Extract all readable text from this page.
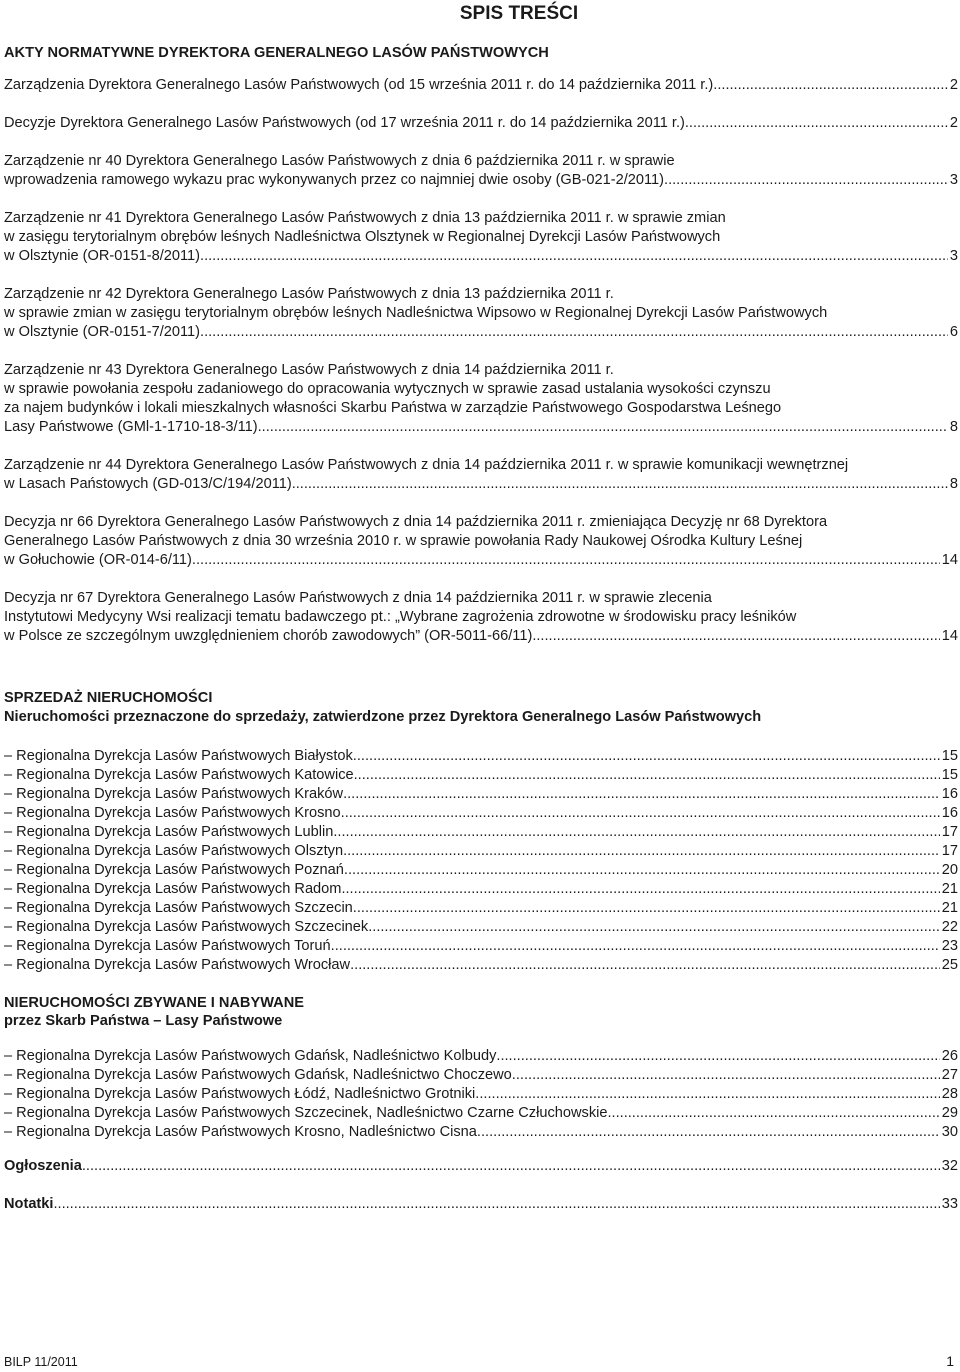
SPIS TREŚCI

AKTY NORMATYWNE DYREKTORA GENERALNEGO LASÓW PAŃSTWOWYCH

Zarządzenia Dyrektora Generalnego Lasów Państwowych (od 15 września 2011 r. do 14 października 2011 r.) .....	2
Decyzje Dyrektora Generalnego Lasów Państwowych (od 17 września 2011 r. do 14 października 2011 r.) .....	2
Zarządzenie nr 40 Dyrektora Generalnego Lasów Państwowych z dnia 6 października 2011 r. w sprawie
wprowadzenia ramowego wykazu prac wykonywanych przez co najmniej dwie osoby (GB-021-2/2011) .....	3
Zarządzenie nr 41 Dyrektora Generalnego Lasów Państwowych z dnia 13 października 2011 r. w sprawie zmian
w zasięgu terytorialnym obrębów leśnych Nadleśnictwa Olsztynek w Regionalnej Dyrekcji Lasów Państwowych
w Olsztynie (OR-0151-8/2011) .....	3
Zarządzenie nr 42 Dyrektora Generalnego Lasów Państwowych z dnia 13 października 2011 r.
w sprawie zmian w zasięgu terytorialnym obrębów leśnych Nadleśnictwa Wipsowo w Regionalnej Dyrekcji Lasów Państwowych
w Olsztynie (OR-0151-7/2011) .....	6
Zarządzenie nr 43 Dyrektora Generalnego Lasów Państwowych z dnia 14 października 2011 r.
w sprawie powołania zespołu zadaniowego do opracowania wytycznych w sprawie zasad ustalania wysokości czynszu
za najem budynków i lokali mieszkalnych własności Skarbu Państwa w zarządzie Państwowego Gospodarstwa Leśnego
Lasy Państwowe (GMl-1-1710-18-3/11) .....	8
Zarządzenie nr 44 Dyrektora Generalnego Lasów Państwowych z dnia 14 października 2011 r. w sprawie komunikacji wewnętrznej
w Lasach Państowych (GD-013/C/194/2011) .....	8
Decyzja nr 66 Dyrektora Generalnego Lasów Państwowych z dnia 14 października 2011 r. zmieniająca Decyzję nr 68 Dyrektora
Generalnego Lasów Państwowych z dnia 30 września 2010 r. w sprawie powołania Rady Naukowej Ośrodka Kultury Leśnej
w Gołuchowie (OR-014-6/11) .....	14
Decyzja nr 67 Dyrektora Generalnego Lasów Państwowych z dnia 14 października 2011 r. w sprawie zlecenia
Instytutowi Medycyny Wsi realizacji tematu badawczego pt.: „Wybrane zagrożenia zdrowotne w środowisku pracy leśników
w Polsce ze szczególnym uwzględnieniem chorób zawodowych” (OR-5011-66/11) .....	14

SPRZEDAŻ NIERUCHOMOŚCI

Nieruchomości przeznaczone do sprzedaży, zatwierdzone przez Dyrektora Generalnego Lasów Państwowych

– Regionalna Dyrekcja Lasów Państwowych Białystok .....	15
– Regionalna Dyrekcja Lasów Państwowych Katowice .....	15
– Regionalna Dyrekcja Lasów Państwowych Kraków .....	16
– Regionalna Dyrekcja Lasów Państwowych Krosno .....	16
– Regionalna Dyrekcja Lasów Państwowych Lublin .....	17
– Regionalna Dyrekcja Lasów Państwowych Olsztyn .....	17
– Regionalna Dyrekcja Lasów Państwowych Poznań .....	20
– Regionalna Dyrekcja Lasów Państwowych Radom .....	21
– Regionalna Dyrekcja Lasów Państwowych Szczecin .....	21
– Regionalna Dyrekcja Lasów Państwowych Szczecinek .....	22
– Regionalna Dyrekcja Lasów Państwowych Toruń .....	23
– Regionalna Dyrekcja Lasów Państwowych Wrocław .....	25

NIERUCHOMOŚCI ZBYWANE I NABYWANE

przez Skarb Państwa – Lasy Państwowe

– Regionalna Dyrekcja Lasów Państwowych Gdańsk, Nadleśnictwo Kolbudy .....	26
– Regionalna Dyrekcja Lasów Państwowych Gdańsk, Nadleśnictwo Choczewo .....	27
– Regionalna Dyrekcja Lasów Państwowych Łódź, Nadleśnictwo Grotniki .....	28
– Regionalna Dyrekcja Lasów Państwowych Szczecinek, Nadleśnictwo Czarne Człuchowskie .....	29
– Regionalna Dyrekcja Lasów Państwowych Krosno, Nadleśnictwo Cisna .....	30
Ogłoszenia .....	32
Notatki .....	33
BILP 11/2011	1
